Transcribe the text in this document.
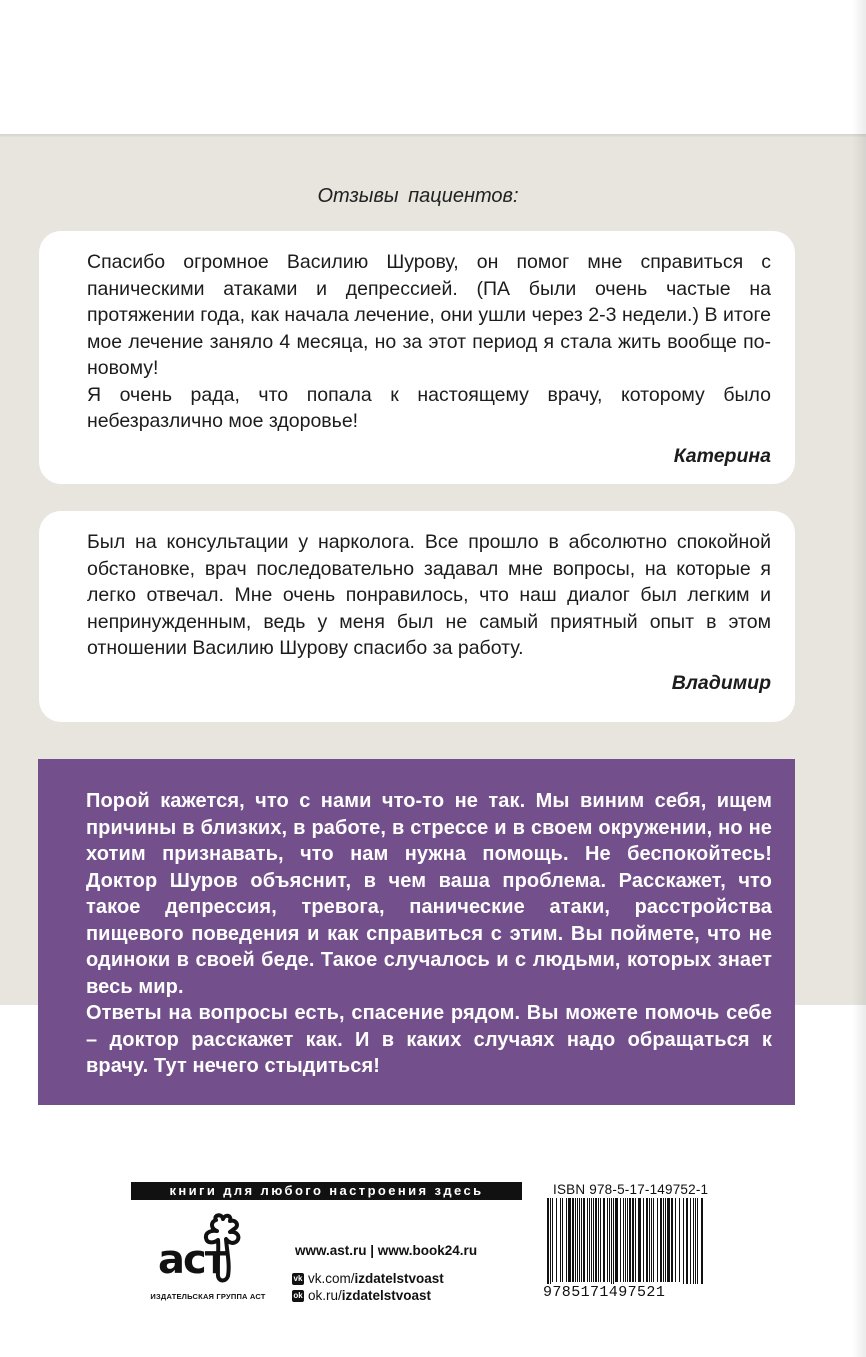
Отзывы пациентов:

Спасибо огромное Василию Шурову, он помог мне справиться с паническими атаками и депрессией. (ПА были очень частые на протяжении года, как начала лечение, они ушли через 2-3 недели.) В итоге мое лечение заняло 4 месяца, но за этот период я стала жить вообще по-новому!

Я очень рада, что попала к настоящему врачу, которому было небезразлично мое здоровье!

Катерина

Был на консультации у нарколога. Все прошло в абсолютно спокойной обстановке, врач последовательно задавал мне вопросы, на которые я легко отвечал. Мне очень понравилось, что наш диалог был легким и непринужденным, ведь у меня был не самый приятный опыт в этом отношении Василию Шурову спасибо за работу.

Владимир

Порой кажется, что с нами что-то не так. Мы виним себя, ищем причины в близких, в работе, в стрессе и в своем окружении, но не хотим признавать, что нам нужна помощь. Не беспокойтесь! Доктор Шуров объяснит, в чем ваша проблема. Расскажет, что такое депрессия, тревога, панические атаки, расстройства пищевого поведения и как справиться с этим. Вы поймете, что не одиноки в своей беде. Такое случалось и с людьми, которых знает весь мир.

Ответы на вопросы есть, спасение рядом. Вы можете помочь себе – доктор расскажет как. И в каких случаях надо обращаться к врачу. Тут нечего стыдиться!

книги для любого настроения здесь
аст
ИЗДАТЕЛЬСКАЯ ГРУППА АСТ
www.ast.ru | www.book24.ru
vk vk.com/ izdatelstvoast
ok ok.ru/ izdatelstvoast
ISBN 978-5-17-149752-1
9785171497521
